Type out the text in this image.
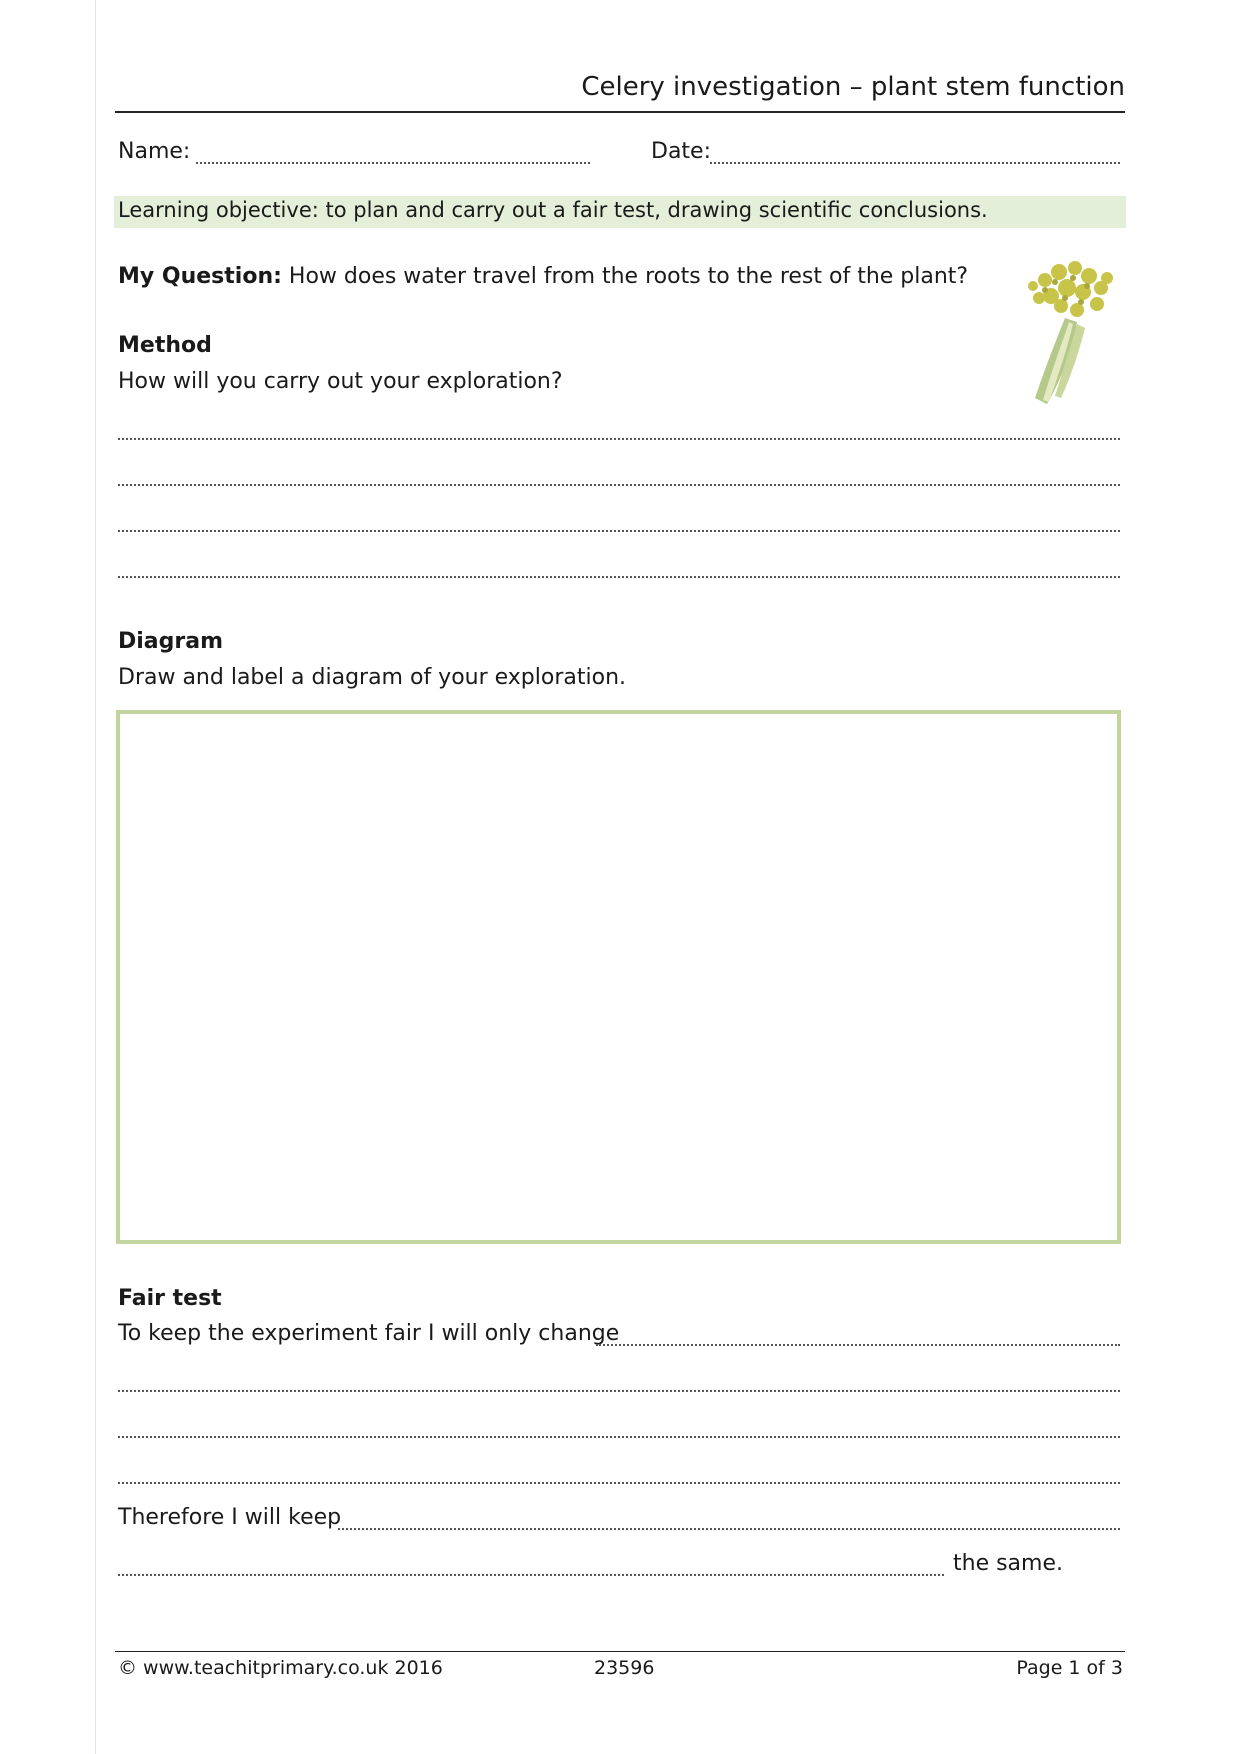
Celery investigation – plant stem function
Name:	Date:
Learning objective: to plan and carry out a fair test, drawing scientific conclusions.
My Question: How does water travel from the roots to the rest of the plant?
Method
How will you carry out your exploration?
Diagram
Draw and label a diagram of your exploration.
Fair test
To keep the experiment fair I will only change
Therefore I will keep
the same.
© www.teachitprimary.co.uk 2016	23596	Page 1 of 3
